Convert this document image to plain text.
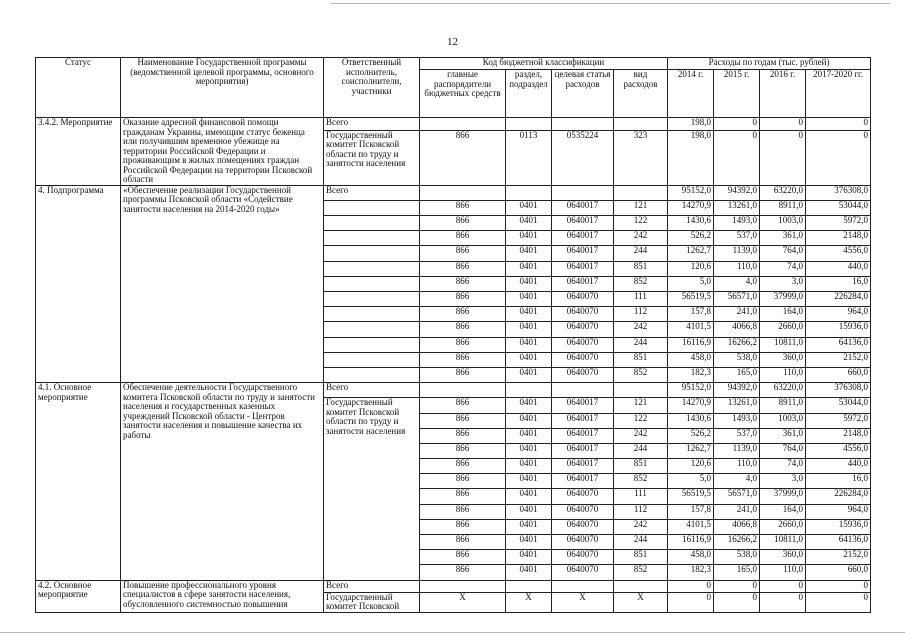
12
Статус	Наименование Государственной программы (ведомственной целевой программы, основного мероприятия)	Ответственный исполнитель, соисполнители, участники	Код бюджетной классификации				Расходы по годам (тыс. рублей)			
			главные распорядители бюджетных средств	раздел, подраздел	целевая статья расходов	вид расходов	2014 г.	2015 г.	2016 г.	2017-2020 гг.
3.4.2. Мероприятие	Оказание адресной финансовой помощи гражданам Украины, имеющим статус беженца или получившим временное убежище на территории Российской Федерации и проживающим в жилых помещениях граждан Российской Федерации на территории Псковской области	Всего					198,0	0	0	0
		Государственный комитет Псковской области по труду и занятости населения	866	0113	0535224	323	198,0	0	0	0
4. Подпрограмма	«Обеспечение реализации Государственной программы Псковской области «Содействие занятости населения на 2014-2020 годы»	Всего					95152,0	94392,0	63220,0	376308,0
			866	0401	0640017	121	14270,9	13261,0	8911,0	53044,0
			866	0401	0640017	122	1430,6	1493,0	1003,0	5972,0
			866	0401	0640017	242	526,2	537,0	361,0	2148,0
			866	0401	0640017	244	1262,7	1139,0	764,0	4556,0
			866	0401	0640017	851	120,6	110,0	74,0	440,0
			866	0401	0640017	852	5,0	4,0	3,0	16,0
			866	0401	0640070	111	56519,5	56571,0	37999,0	226284,0
			866	0401	0640070	112	157,8	241,0	164,0	964,0
			866	0401	0640070	242	4101,5	4066,8	2660,0	15936,0
			866	0401	0640070	244	16116,9	16266,2	10811,0	64136,0
			866	0401	0640070	851	458,0	538,0	360,0	2152,0
			866	0401	0640070	852	182,3	165,0	110,0	660,0
4.1. Основное мероприятие	Обеспечение деятельности Государственного комитета Псковской области по труду и занятости населения и государственных казенных учреждений Псковской области - Центров занятости населения и повышение качества их работы	Всего					95152,0	94392,0	63220,0	376308,0
		Государственный комитет Псковской области по труду и занятости населения	866	0401	0640017	121	14270,9	13261,0	8911,0	53044,0
			866	0401	0640017	122	1430,6	1493,0	1003,0	5972,0
			866	0401	0640017	242	526,2	537,0	361,0	2148,0
			866	0401	0640017	244	1262,7	1139,0	764,0	4556,0
			866	0401	0640017	851	120,6	110,0	74,0	440,0
			866	0401	0640017	852	5,0	4,0	3,0	16,0
			866	0401	0640070	111	56519,5	56571,0	37999,0	226284,0
			866	0401	0640070	112	157,8	241,0	164,0	964,0
			866	0401	0640070	242	4101,5	4066,8	2660,0	15936,0
			866	0401	0640070	244	16116,9	16266,2	10811,0	64136,0
			866	0401	0640070	851	458,0	538,0	360,0	2152,0
			866	0401	0640070	852	182,3	165,0	110,0	660,0
4.2. Основное мероприятие	Повышение профессионального уровня специалистов в сфере занятости населения, обусловленного системностью повышения	Всего					0	0	0	0
		Государственный комитет Псковской	X	X	X	X	0	0	0	0
